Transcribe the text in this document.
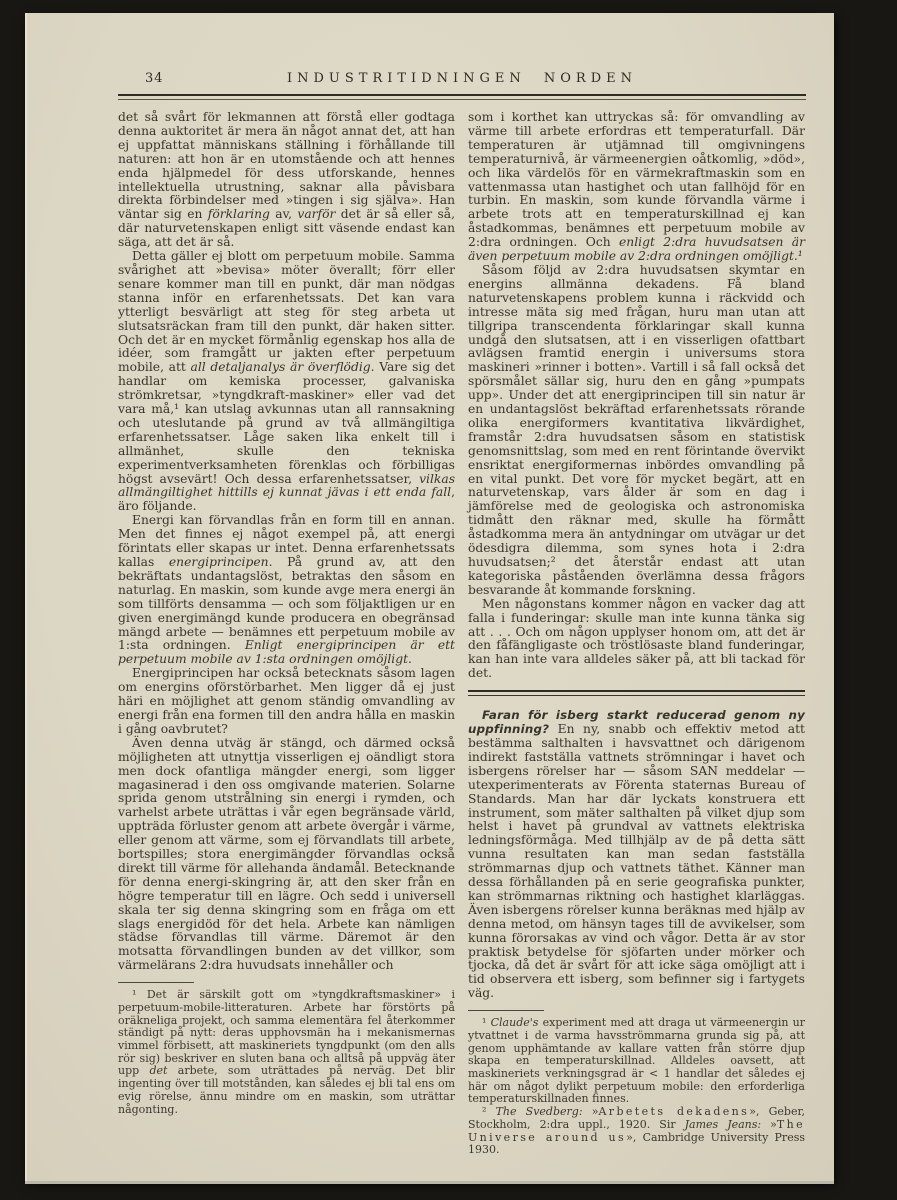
34	INDUSTRITIDNINGEN NORDEN

det så svårt för lekmannen att förstå eller godtaga denna auktoritet är mera än något annat det, att han ej uppfattat människans ställning i förhållande till naturen: att hon är en utomstående och att hennes enda hjälpmedel för dess utforskande, hennes intellektuella utrustning, saknar alla påvisbara direkta förbindelser med »tingen i sig själva». Han väntar sig en förklaring av, varför det är så eller så, där naturvetenskapen enligt sitt väsende endast kan säga, att det är så.

Detta gäller ej blott om perpetuum mobile. Samma svårighet att »bevisa» möter överallt; förr eller senare kommer man till en punkt, där man nödgas stanna inför en erfarenhetssats. Det kan vara ytterligt besvärligt att steg för steg arbeta ut slutsatsräckan fram till den punkt, där haken sitter. Och det är en mycket förmånlig egenskap hos alla de idéer, som framgått ur jakten efter perpetuum mobile, att all detaljanalys är överflödig. Vare sig det handlar om kemiska processer, galvaniska strömkretsar, »tyngdkraft-maskiner» eller vad det vara må,¹ kan utslag avkunnas utan all rannsakning och uteslutande på grund av två allmängiltiga erfarenhetssatser. Låge saken lika enkelt till i allmänhet, skulle den tekniska experimentverksamheten förenklas och förbilligas högst avsevärt! Och dessa erfarenhetssatser, vilkas allmängiltighet hittills ej kunnat jävas i ett enda fall, äro följande.

Energi kan förvandlas från en form till en annan. Men det finnes ej något exempel på, att energi förintats eller skapas ur intet. Denna erfarenhetssats kallas energiprincipen. På grund av, att den bekräftats undantagslöst, betraktas den såsom en naturlag. En maskin, som kunde avge mera energi än som tillförts densamma — och som följaktligen ur en given energimängd kunde producera en obegränsad mängd arbete — benämnes ett perpetuum mobile av 1:sta ordningen. Enligt energiprincipen är ett perpetuum mobile av 1:sta ordningen omöjligt.

Energiprincipen har också betecknats såsom lagen om energins oförstörbarhet. Men ligger då ej just häri en möjlighet att genom ständig omvandling av energi från ena formen till den andra hålla en maskin i gång oavbrutet?

Även denna utväg är stängd, och därmed också möjligheten att utnyttja visserligen ej oändligt stora men dock ofantliga mängder energi, som ligger magasinerad i den oss omgivande materien. Solarne sprida genom utstrålning sin energi i rymden, och varhelst arbete uträttas i vår egen begränsade värld, uppträda förluster genom att arbete övergår i värme, eller genom att värme, som ej förvandlats till arbete, bortspilles; stora energimängder förvandlas också direkt till värme för allehanda ändamål. Betecknande för denna energi-skingring är, att den sker från en högre temperatur till en lägre. Och sedd i universell skala ter sig denna skingring som en fråga om ett slags energidöd för det hela. Arbete kan nämligen städse förvandlas till värme. Däremot är den motsatta förvandlingen bunden av det villkor, som värmelärans 2:dra huvudsats innehåller och

¹ Det är särskilt gott om »tyngdkraftsmaskiner» i perpetuum-mobile-litteraturen. Arbete har förstörts på oräkneliga projekt, och samma elementära fel återkommer ständigt på nytt: deras upphovsmän ha i mekanismernas vimmel förbisett, att maskineriets tyngdpunkt (om den alls rör sig) beskriver en sluten bana och alltså på uppväg äter upp det arbete, som uträttades på nerväg. Det blir ingenting över till motstånden, kan således ej bli tal ens om evig rörelse, ännu mindre om en maskin, som uträttar någonting.

som i korthet kan uttryckas så: för omvandling av värme till arbete erfordras ett temperaturfall. Där temperaturen är utjämnad till omgivningens temperaturnivå, är värmeenergien oåtkomlig, »död», och lika värdelös för en värmekraftmaskin som en vattenmassa utan hastighet och utan fallhöjd för en turbin. En maskin, som kunde förvandla värme i arbete trots att en temperaturskillnad ej kan åstadkommas, benämnes ett perpetuum mobile av 2:dra ordningen. Och enligt 2:dra huvudsatsen är även perpetuum mobile av 2:dra ordningen omöjligt.¹

Såsom följd av 2:dra huvudsatsen skymtar en energins allmänna dekadens. Få bland naturvetenskapens problem kunna i räckvidd och intresse mäta sig med frågan, huru man utan att tillgripa transcendenta förklaringar skall kunna undgå den slutsatsen, att i en visserligen ofattbart avlägsen framtid energin i universums stora maskineri »rinner i botten». Vartill i så fall också det spörsmålet sällar sig, huru den en gång »pumpats upp». Under det att energiprincipen till sin natur är en undantagslöst bekräftad erfarenhetssats rörande olika energiformers kvantitativa likvärdighet, framstår 2:dra huvudsatsen såsom en statistisk genomsnittslag, som med en rent förintande övervikt ensriktat energiformernas inbördes omvandling på en vital punkt. Det vore för mycket begärt, att en naturvetenskap, vars ålder är som en dag i jämförelse med de geologiska och astronomiska tidmått den räknar med, skulle ha förmått åstadkomma mera än antydningar om utvägar ur det ödesdigra dilemma, som synes hota i 2:dra huvudsatsen;² det återstår endast att utan kategoriska påståenden överlämna dessa frågors besvarande åt kommande forskning.

Men någonstans kommer någon en vacker dag att falla i funderingar: skulle man inte kunna tänka sig att . . . Och om någon upplyser honom om, att det är den fåfängligaste och tröstlösaste bland funderingar, kan han inte vara alldeles säker på, att bli tackad för det.

Faran för isberg starkt reducerad genom ny uppfinning? En ny, snabb och effektiv metod att bestämma salthalten i havsvattnet och därigenom indirekt fastställa vattnets strömningar i havet och isbergens rörelser har — såsom SAN meddelar — utexperimenterats av Förenta staternas Bureau of Standards. Man har där lyckats konstruera ett instrument, som mäter salthalten på vilket djup som helst i havet på grundval av vattnets elektriska ledningsförmåga. Med tillhjälp av de på detta sätt vunna resultaten kan man sedan fastställa strömmarnas djup och vattnets täthet. Känner man dessa förhållanden på en serie geografiska punkter, kan strömmarnas riktning och hastighet klarläggas. Även isbergens rörelser kunna beräknas med hjälp av denna metod, om hänsyn tages till de avvikelser, som kunna förorsakas av vind och vågor. Detta är av stor praktisk betydelse för sjöfarten under mörker och tjocka, då det är svårt för att icke säga omöjligt att i tid observera ett isberg, som befinner sig i fartygets väg.

¹ Claude's experiment med att draga ut värmeenergin ur ytvattnet i de varma havsströmmarna grunda sig på, att genom upphämtande av kallare vatten från större djup skapa en temperaturskillnad. Alldeles oavsett, att maskineriets verkningsgrad är < 1 handlar det således ej här om något dylikt perpetuum mobile: den erforderliga temperaturskillnaden finnes.

² The Svedberg: »Arbetets dekadens», Geber, Stockholm, 2:dra uppl., 1920. Sir James Jeans: »The Universe around us», Cambridge University Press 1930.
